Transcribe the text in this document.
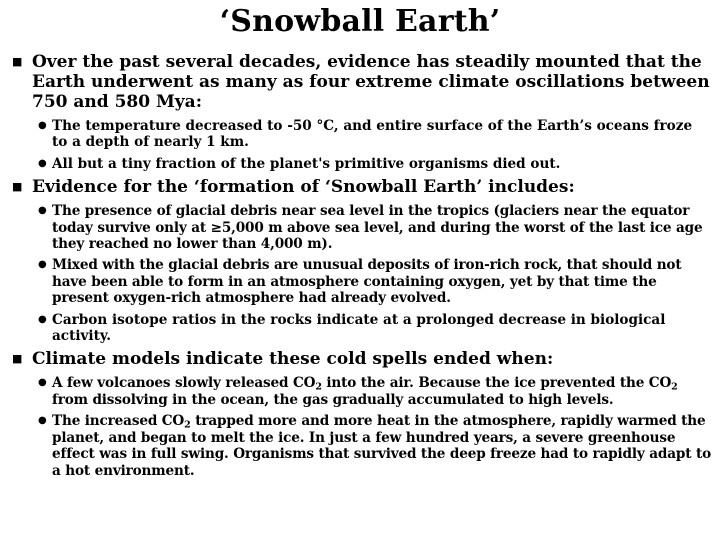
‘Snowball Earth’
■ Over the past several decades, evidence has steadily mounted that the Earth underwent as many as four extreme climate oscillations between 750 and 580 Mya:
● The temperature decreased to -50 °C, and entire surface of the Earth’s oceans froze to a depth of nearly 1 km.
● All but a tiny fraction of the planet's primitive organisms died out.
■ Evidence for the ‘formation of ‘Snowball Earth’ includes:
● The presence of glacial debris near sea level in the tropics (glaciers near the equator today survive only at ≥5,000 m above sea level, and during the worst of the last ice age they reached no lower than 4,000 m).
● Mixed with the glacial debris are unusual deposits of iron-rich rock, that should not have been able to form in an atmosphere containing oxygen, yet by that time the present oxygen-rich atmosphere had already evolved.
● Carbon isotope ratios in the rocks indicate at a prolonged decrease in biological activity.
■ Climate models indicate these cold spells ended when:
● A few volcanoes slowly released $CO_2$ into the air. Because the ice prevented the $CO_2$ from dissolving in the ocean, the gas gradually accumulated to high levels.
● The increased $CO_2$ trapped more and more heat in the atmosphere, rapidly warmed the planet, and began to melt the ice. In just a few hundred years, a severe greenhouse effect was in full swing. Organisms that survived the deep freeze had to rapidly adapt to a hot environment.
